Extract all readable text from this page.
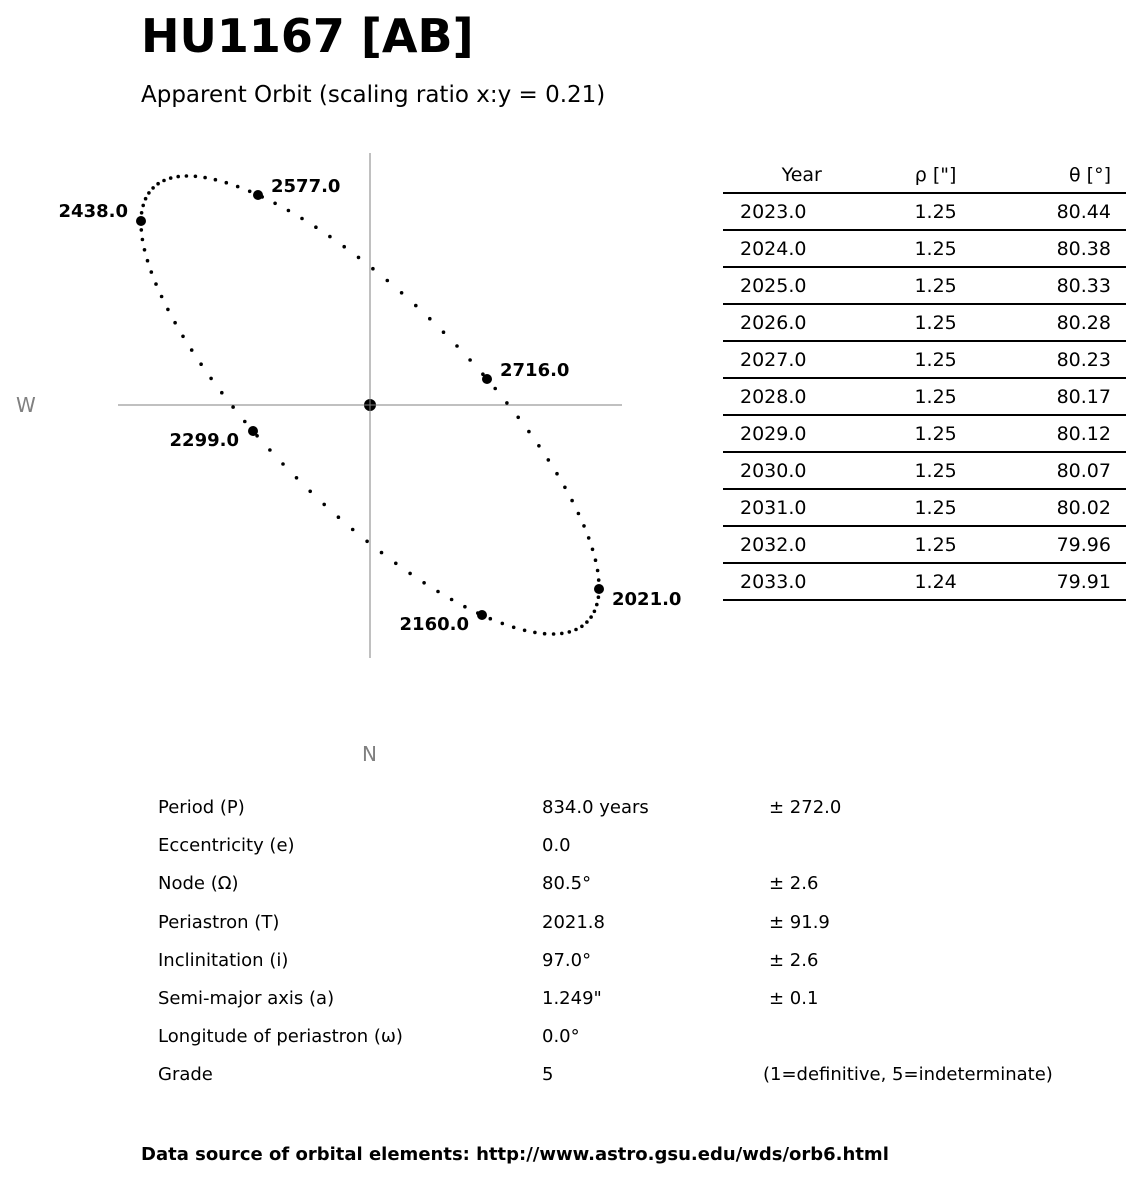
HU1167 [AB]
Apparent Orbit (scaling ratio x:y = 0.21)
2021.0
2160.0
2299.0
2438.0
2577.0
2716.0
W
N
Year	ρ ["]	θ [°]
2023.0	1.25	80.44
2024.0	1.25	80.38
2025.0	1.25	80.33
2026.0	1.25	80.28
2027.0	1.25	80.23
2028.0	1.25	80.17
2029.0	1.25	80.12
2030.0	1.25	80.07
2031.0	1.25	80.02
2032.0	1.25	79.96
2033.0	1.24	79.91
Period (P)	834.0 years	± 272.0
Eccentricity (e)	0.0
Node (Ω)	80.5°	± 2.6
Periastron (T)	2021.8	± 91.9
Inclinitation (i)	97.0°	± 2.6
Semi-major axis (a)	1.249"	± 0.1
Longitude of periastron (ω)	0.0°
Grade	5	(1=definitive, 5=indeterminate)
Data source of orbital elements: http://www.astro.gsu.edu/wds/orb6.html
